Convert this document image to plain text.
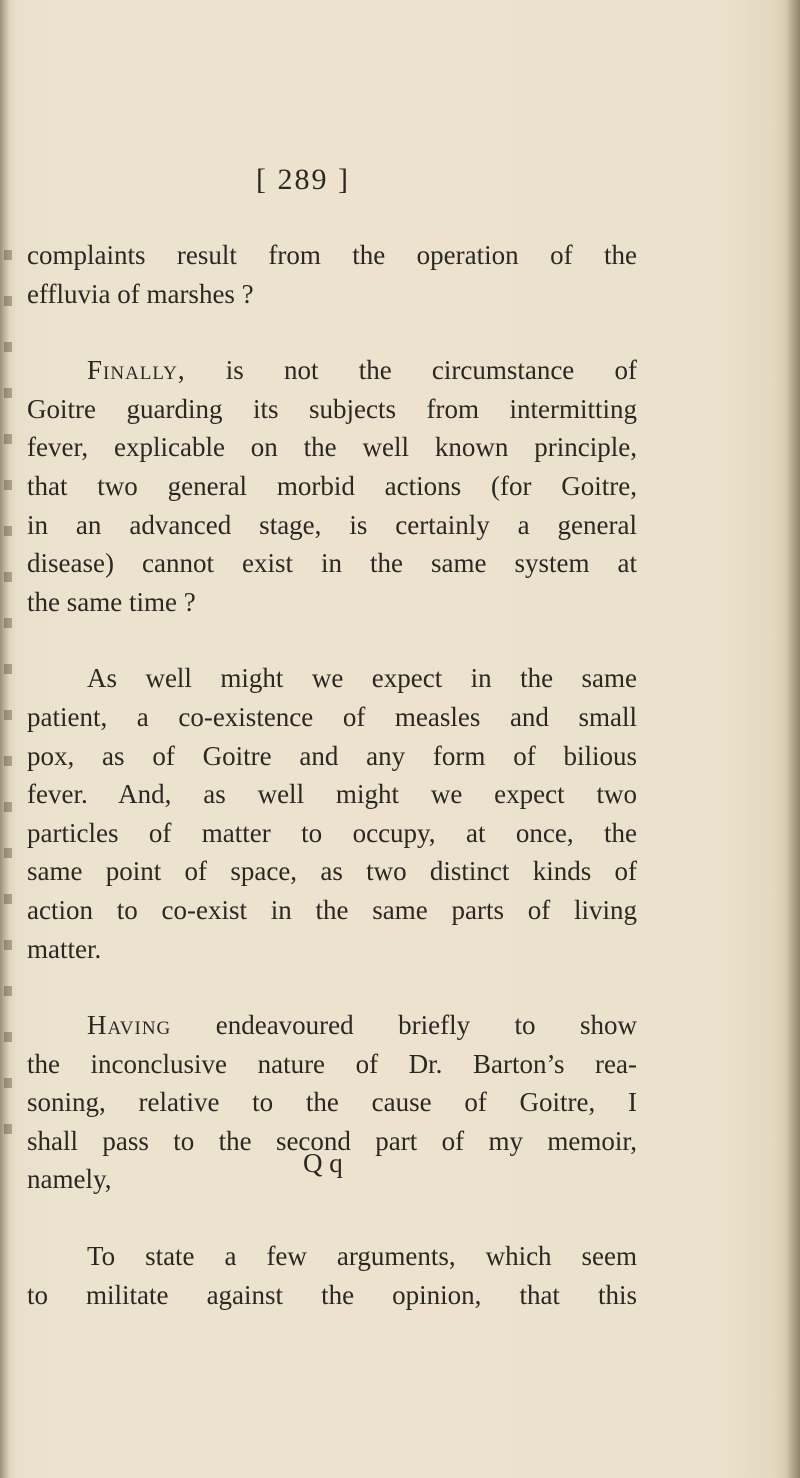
[ 289 ]

complaints result from the operation of the
effluvia of marshes ?

Finally, is not the circumstance of
Goitre guarding its subjects from intermitting
fever, explicable on the well known principle,
that two general morbid actions (for Goitre,
in an advanced stage, is certainly a general
disease) cannot exist in the same system at
the same time ?

As well might we expect in the same
patient, a co-existence of measles and small
pox, as of Goitre and any form of bilious
fever. And, as well might we expect two
particles of matter to occupy, at once, the
same point of space, as two distinct kinds of
action to co-exist in the same parts of living
matter.

Having endeavoured briefly to show
the inconclusive nature of Dr. Barton’s rea-
soning, relative to the cause of Goitre, I
shall pass to the second part of my memoir,
namely,

To state a few arguments, which seem
to militate against the opinion, that this

Q q
